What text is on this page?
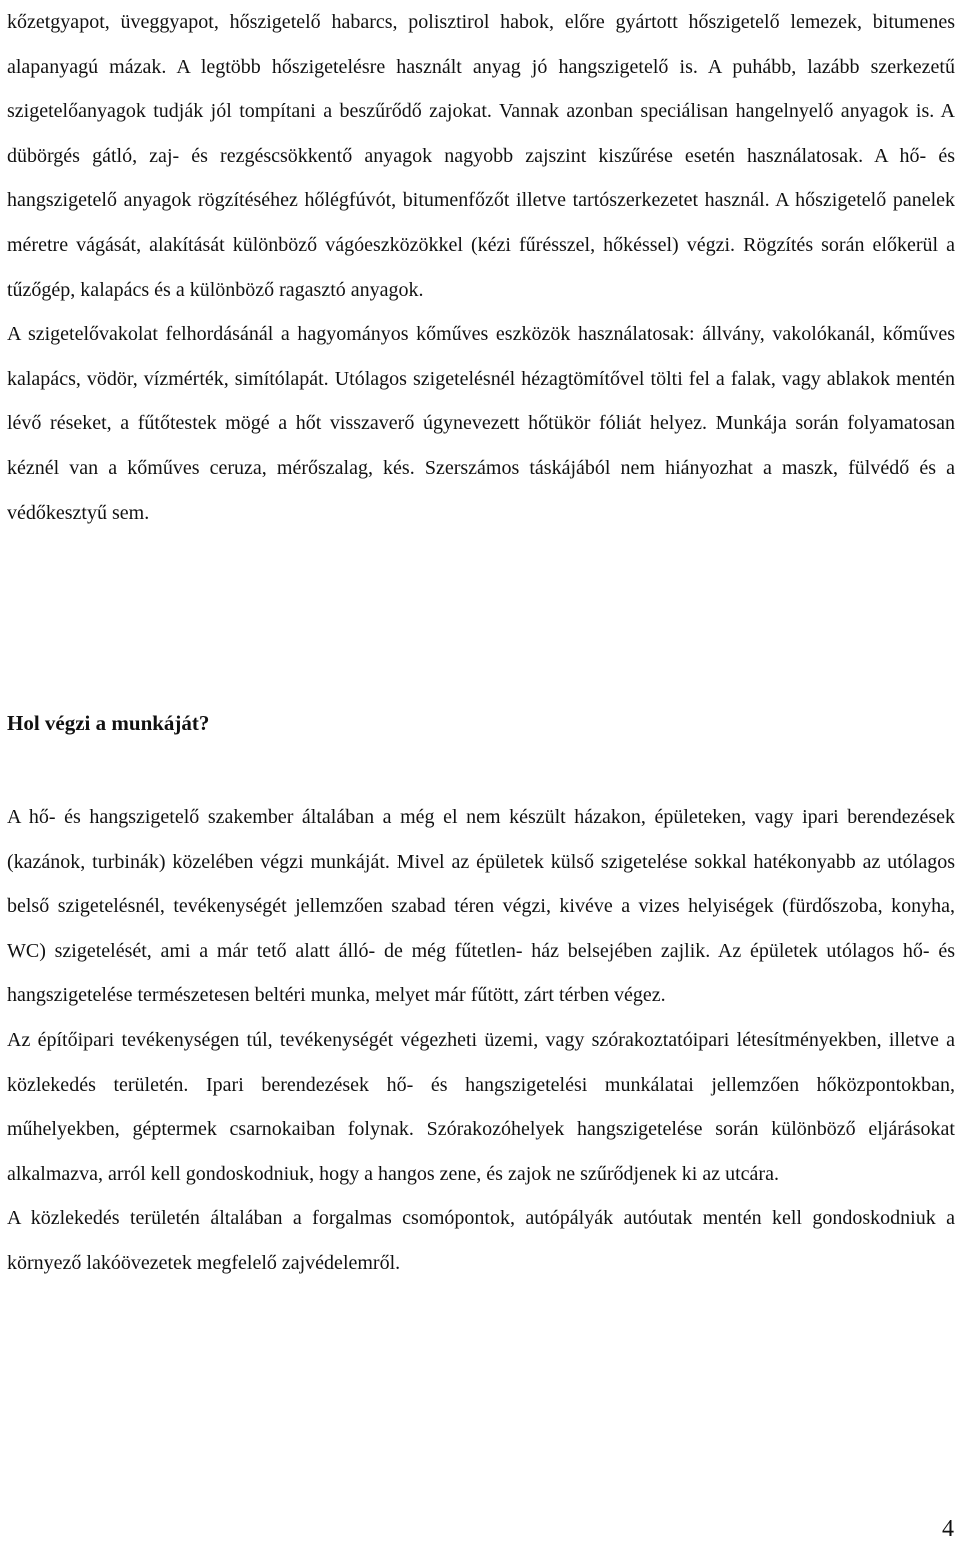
kőzetgyapot, üveggyapot, hőszigetelő habarcs, polisztirol habok, előre gyártott hőszigetelő lemezek, bitumenes alapanyagú mázak. A legtöbb hőszigetelésre használt anyag jó hangszigetelő is. A puhább, lazább szerkezetű szigetelőanyagok tudják jól tompítani a beszűrődő zajokat. Vannak azonban speciálisan hangelnyelő anyagok is. A dübörgés gátló, zaj- és rezgéscsökkentő anyagok nagyobb zajszint kiszűrése esetén használatosak. A hő- és hangszigetelő anyagok rögzítéséhez hőlégfúvót, bitumenfőzőt illetve tartószerkezetet használ. A hőszigetelő panelek méretre vágását, alakítását különböző vágóeszközökkel (kézi fűrésszel, hőkéssel) végzi. Rögzítés során előkerül a tűzőgép, kalapács és a különböző ragasztó anyagok.

A szigetelővakolat felhordásánál a hagyományos kőműves eszközök használatosak: állvány, vakolókanál, kőműves kalapács, vödör, vízmérték, simítólapát. Utólagos szigetelésnél hézagtömítővel tölti fel a falak, vagy ablakok mentén lévő réseket, a fűtőtestek mögé a hőt visszaverő úgynevezett hőtükör fóliát helyez. Munkája során folyamatosan kéznél van a kőműves ceruza, mérőszalag, kés. Szerszámos táskájából nem hiányozhat a maszk, fülvédő és a védőkesztyű sem.

Hol végzi a munkáját?

A hő- és hangszigetelő szakember általában a még el nem készült házakon, épületeken, vagy ipari berendezések (kazánok, turbinák) közelében végzi munkáját. Mivel az épületek külső szigetelése sokkal hatékonyabb az utólagos belső szigetelésnél, tevékenységét jellemzően szabad téren végzi, kivéve a vizes helyiségek (fürdőszoba, konyha, WC) szigetelését, ami a már tető alatt álló- de még fűtetlen- ház belsejében zajlik. Az épületek utólagos hő- és hangszigetelése természetesen beltéri munka, melyet már fűtött, zárt térben végez.

Az építőipari tevékenységen túl, tevékenységét végezheti üzemi, vagy szórakoztatóipari létesítményekben, illetve a közlekedés területén. Ipari berendezések hő- és hangszigetelési munkálatai jellemzően hőközpontokban, műhelyekben, géptermek csarnokaiban folynak. Szórakozóhelyek hangszigetelése során különböző eljárásokat alkalmazva, arról kell gondoskodniuk, hogy a hangos zene, és zajok ne szűrődjenek ki az utcára.

A közlekedés területén általában a forgalmas csomópontok, autópályák autóutak mentén kell gondoskodniuk a környező lakóövezetek megfelelő zajvédelemről.

4
